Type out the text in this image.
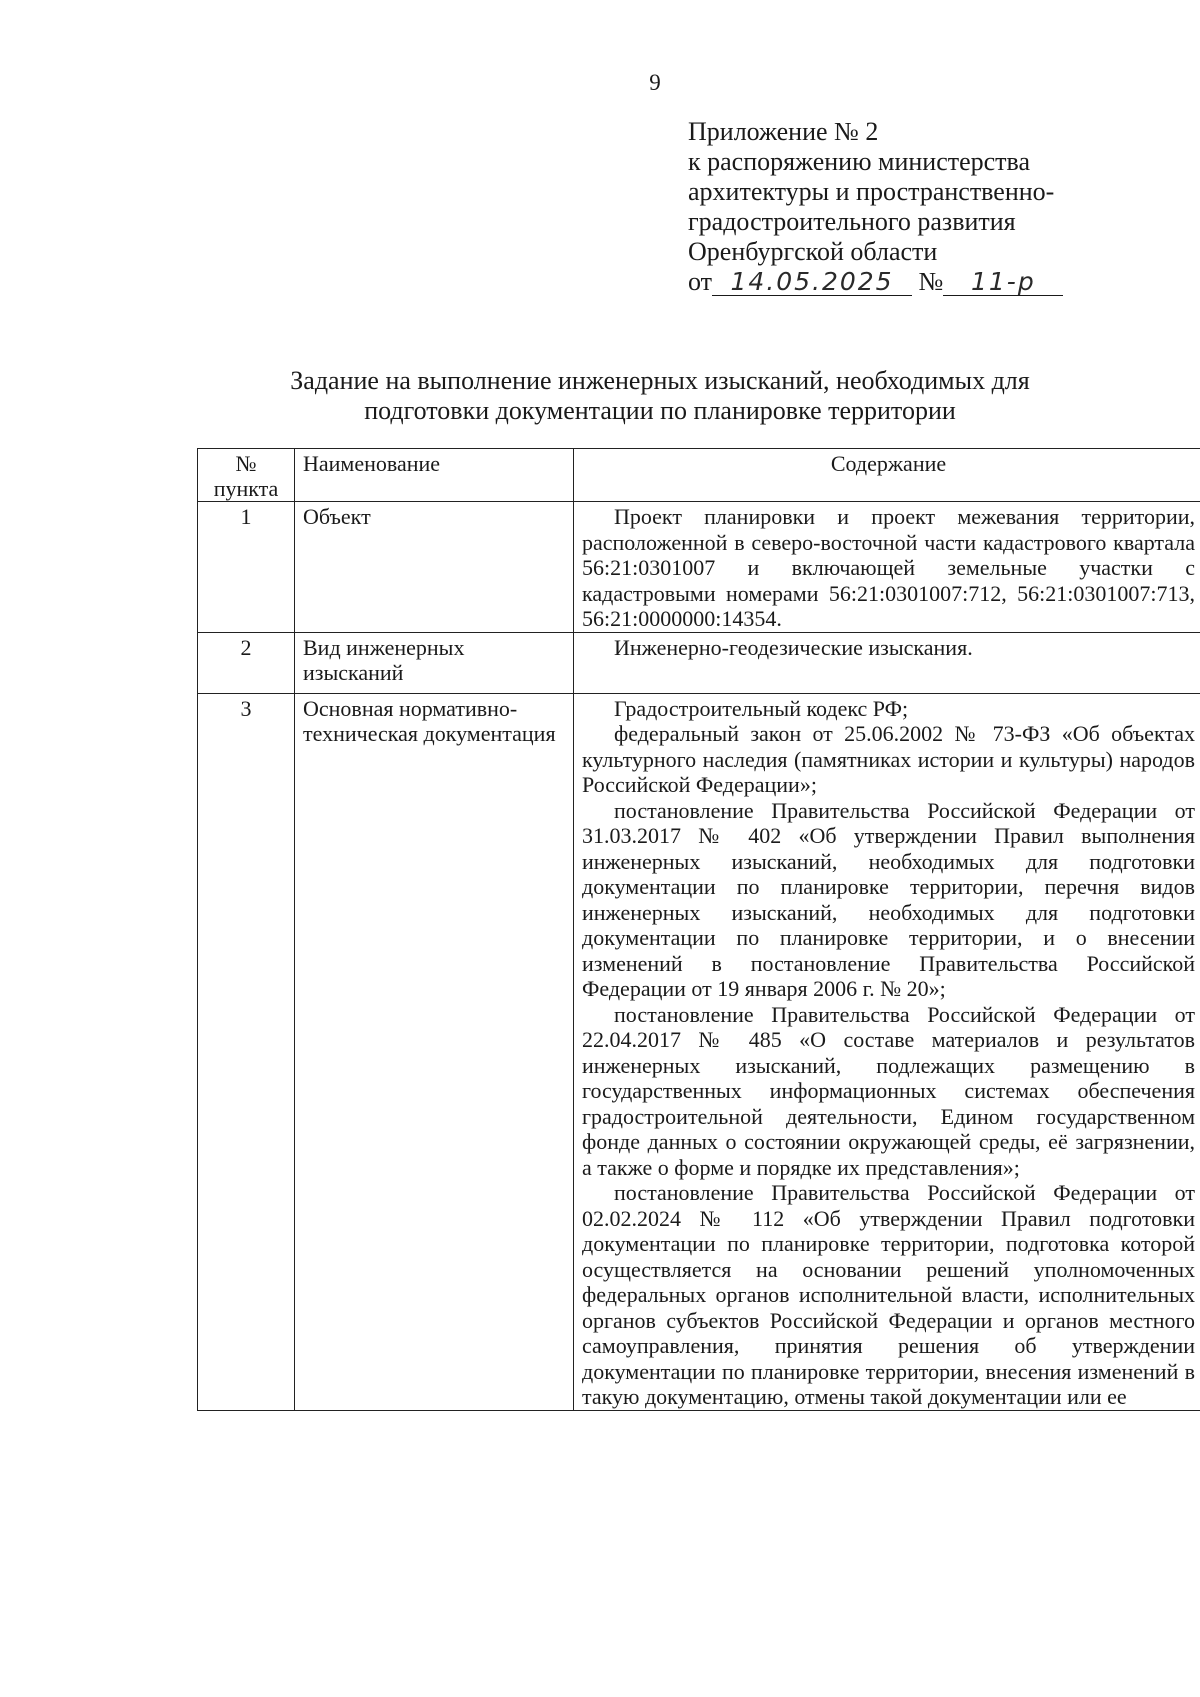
9
Приложение № 2
к распоряжению министерства
архитектуры и пространственно-
градостроительного развития
Оренбургской области
от 14.05.2025 № 11-р
Задание на выполнение инженерных изысканий, необходимых для
подготовки документации по планировке территории
№ пункта	Наименование	Содержание
1	Объект	Проект планировки и проект межевания территории, расположенной в северо-восточной части кадастрового квартала 56:21:0301007 и включающей земельные участки с кадастровыми номерами 56:21:0301007:712, 56:21:0301007:713, 56:21:0000000:14354.

2	Вид инженерных изысканий	Инженерно-геодезические изыскания.

3	Основная нормативно-техническая документация	Градостроительный кодекс РФ;

федеральный закон от 25.06.2002 № 73-ФЗ «Об объектах культурного наследия (памятниках истории и культуры) народов Российской Федерации»;

постановление Правительства Российской Федерации от 31.03.2017 № 402 «Об утверждении Правил выполнения инженерных изысканий, необходимых для подготовки документации по планировке территории, перечня видов инженерных изысканий, необходимых для подготовки документации по планировке территории, и о внесении изменений в постановление Правительства Российской Федерации от 19 января 2006 г. № 20»;

постановление Правительства Российской Федерации от 22.04.2017 № 485 «О составе материалов и результатов инженерных изысканий, подлежащих размещению в государственных информационных системах обеспечения градостроительной деятельности, Едином государственном фонде данных о состоянии окружающей среды, её загрязнении, а также о форме и порядке их представления»;

постановление Правительства Российской Федерации от 02.02.2024 № 112 «Об утверждении Правил подготовки документации по планировке территории, подготовка которой осуществляется на основании решений уполномоченных федеральных органов исполнительной власти, исполнительных органов субъектов Российской Федерации и органов местного самоуправления, принятия решения об утверждении документации по планировке территории, внесения изменений в такую документацию, отмены такой документации или ее
